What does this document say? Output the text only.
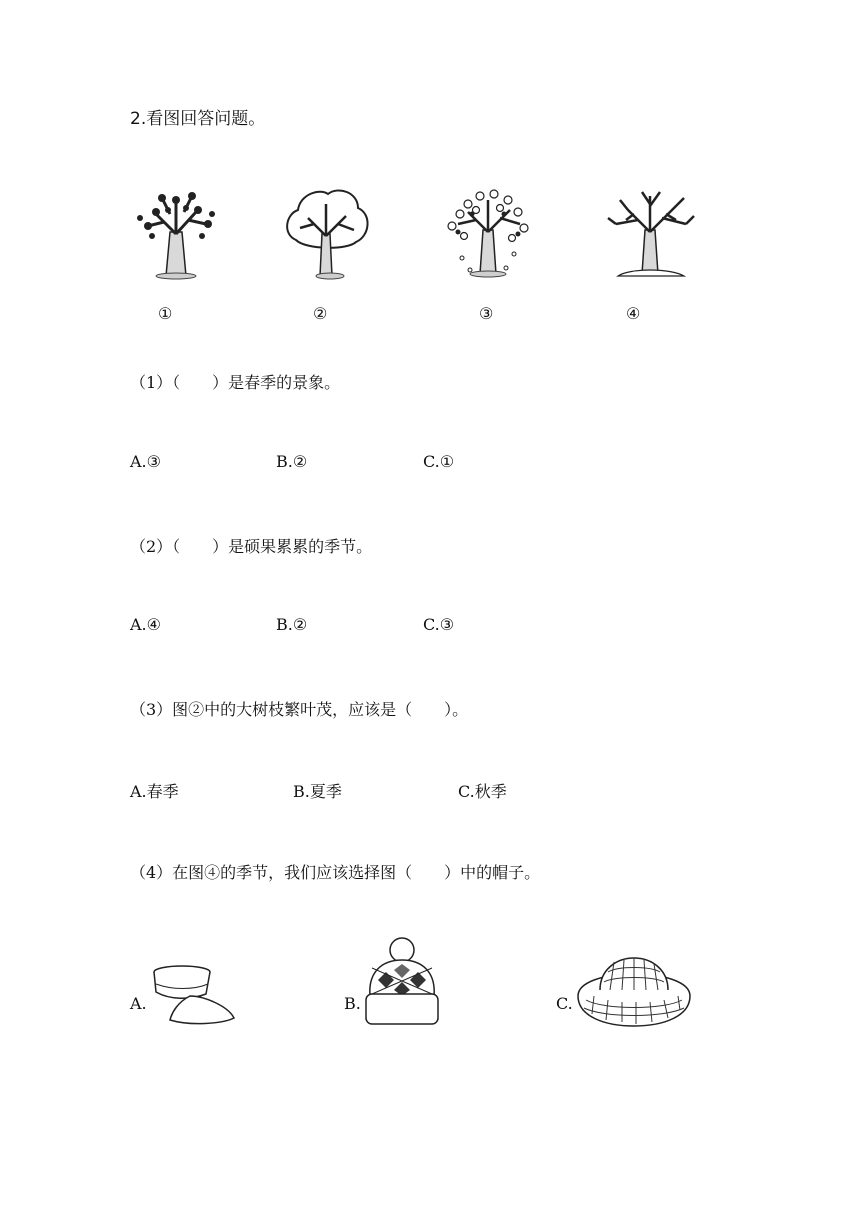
2.看图回答问题。
①	②	③	④
（1）（　　）是春季的景象。
A.③	B.②	C.①
（2）（　　）是硕果累累的季节。
A.④	B.②	C.③
（3）图②中的大树枝繁叶茂，应该是（　　）。
A.春季	B.夏季	C.秋季
（4）在图④的季节，我们应该选择图（　　）中的帽子。
A.	B.	C.
